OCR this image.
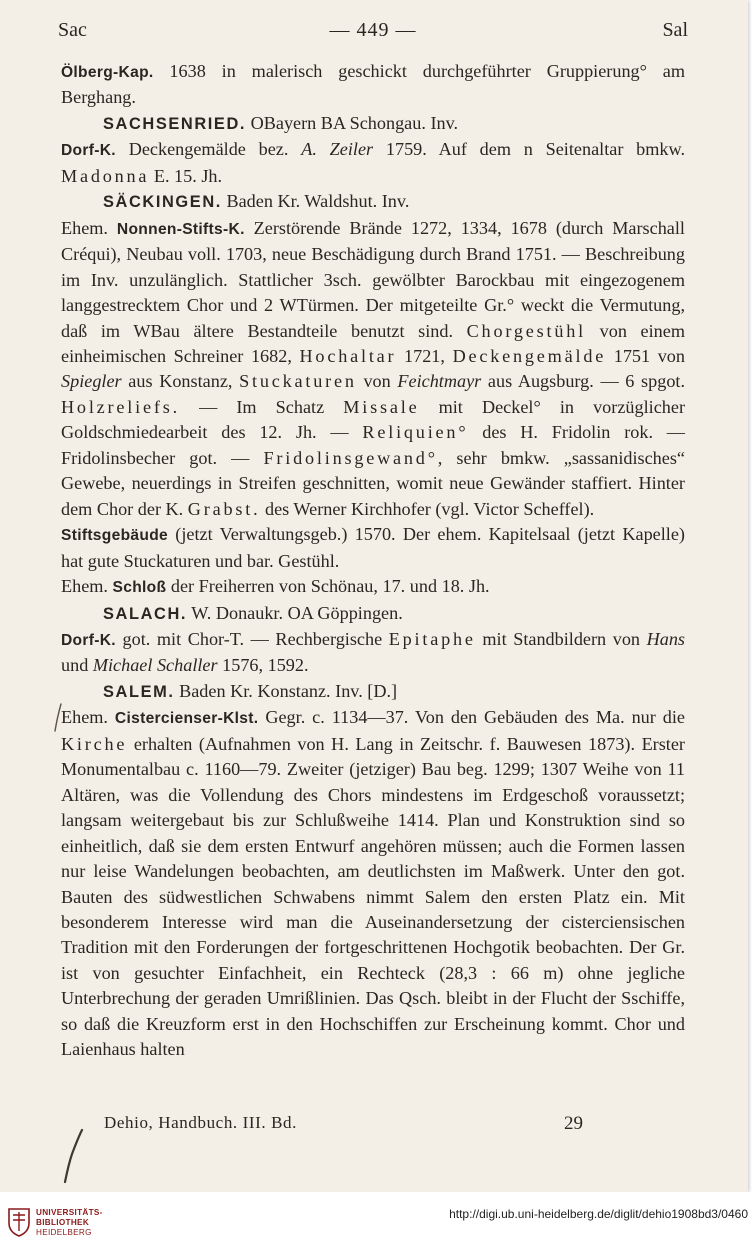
Sac	— 449 —	Sal

Ölberg-Kap. 1638 in malerisch geschickt durchgeführter Gruppierung° am Berghang.

SACHSENRIED. OBayern BA Schongau. Inv.

Dorf-K. Deckengemälde bez. A. Zeiler 1759. Auf dem n Seitenaltar bmkw. Madonna E. 15. Jh.

SÄCKINGEN. Baden Kr. Waldshut. Inv.

Ehem. Nonnen-Stifts-K. Zerstörende Brände 1272, 1334, 1678 (durch Marschall Créqui), Neubau voll. 1703, neue Beschädigung durch Brand 1751. — Beschreibung im Inv. unzulänglich. Stattlicher 3sch. gewölbter Barockbau mit eingezogenem langgestrecktem Chor und 2 WTürmen. Der mitgeteilte Gr.° weckt die Vermutung, daß im WBau ältere Bestandteile benutzt sind. Chorgestühl von einem einheimischen Schreiner 1682, Hochaltar 1721, Deckengemälde 1751 von Spiegler aus Konstanz, Stuckaturen von Feichtmayr aus Augsburg. — 6 spgot. Holzreliefs. — Im Schatz Missale mit Deckel° in vorzüglicher Goldschmiedearbeit des 12. Jh. — Reliquien° des H. Fridolin rok. — Fridolinsbecher got. — Fridolinsgewand°, sehr bmkw. „sassanidisches“ Gewebe, neuerdings in Streifen geschnitten, womit neue Gewänder staffiert. Hinter dem Chor der K. Grabst. des Werner Kirchhofer (vgl. Victor Scheffel).

Stiftsgebäude (jetzt Verwaltungsgeb.) 1570. Der ehem. Kapitelsaal (jetzt Kapelle) hat gute Stuckaturen und bar. Gestühl.

Ehem. Schloß der Freiherren von Schönau, 17. und 18. Jh.

SALACH. W. Donaukr. OA Göppingen.

Dorf-K. got. mit Chor-T. — Rechbergische Epitaphe mit Standbildern von Hans und Michael Schaller 1576, 1592.

SALEM. Baden Kr. Konstanz. Inv. [D.]

Ehem. Cistercienser-Klst. Gegr. c. 1134—37. Von den Gebäuden des Ma. nur die Kirche erhalten (Aufnahmen von H. Lang in Zeitschr. f. Bauwesen 1873). Erster Monumentalbau c. 1160—79. Zweiter (jetziger) Bau beg. 1299; 1307 Weihe von 11 Altären, was die Vollendung des Chors mindestens im Erdgeschoß voraussetzt; langsam weitergebaut bis zur Schlußweihe 1414. Plan und Konstruktion sind so einheitlich, daß sie dem ersten Entwurf angehören müssen; auch die Formen lassen nur leise Wandelungen beobachten, am deutlichsten im Maßwerk. Unter den got. Bauten des südwestlichen Schwabens nimmt Salem den ersten Platz ein. Mit besonderem Interesse wird man die Auseinandersetzung der cisterciensischen Tradition mit den Forderungen der fortgeschrittenen Hochgotik beobachten. Der Gr. ist von gesuchter Einfachheit, ein Rechteck (28,3 : 66 m) ohne jegliche Unterbrechung der geraden Umrißlinien. Das Qsch. bleibt in der Flucht der Sschiffe, so daß die Kreuzform erst in den Hochschiffen zur Erscheinung kommt. Chor und Laienhaus halten

Dehio, Handbuch. III. Bd.	29
UNIVERSITÄTS-
BIBLIOTHEK
HEIDELBERG
http://digi.ub.uni-heidelberg.de/diglit/dehio1908bd3/0460
